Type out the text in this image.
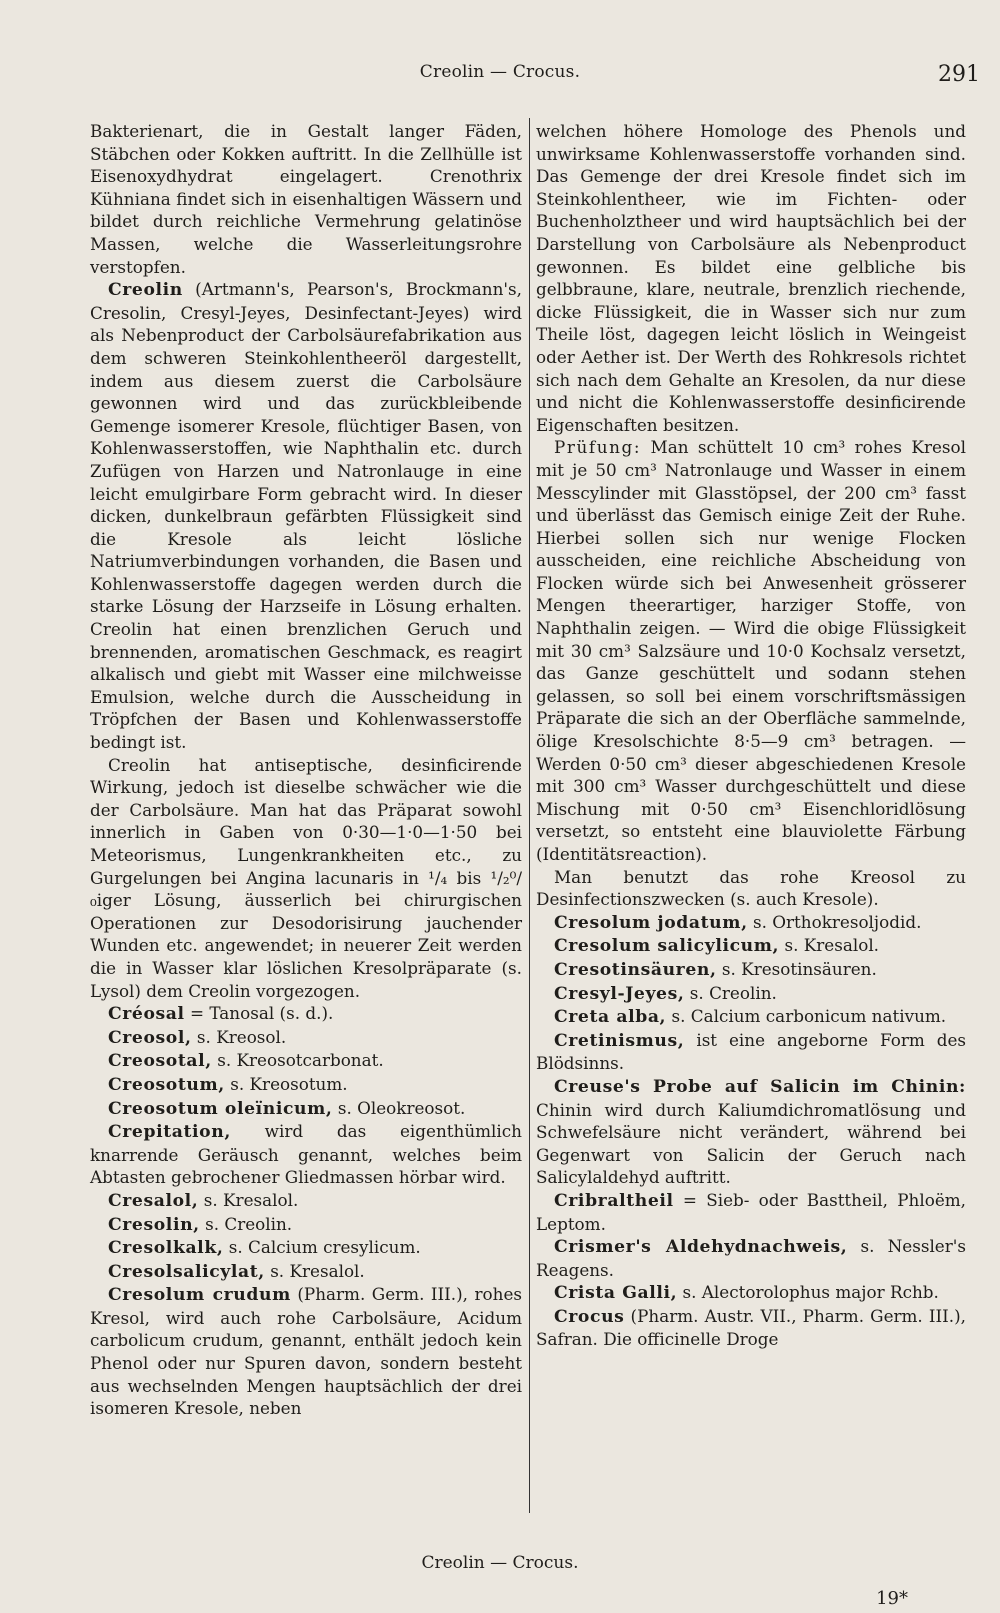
Creolin — Crocus.	291

Bakterienart, die in Gestalt langer Fäden, Stäbchen oder Kokken auftritt. In die Zellhülle ist Eisenoxydhydrat eingelagert. Crenothrix Kühniana findet sich in eisenhaltigen Wässern und bildet durch reichliche Vermehrung gelatinöse Massen, welche die Wasserleitungsrohre verstopfen.

Creolin (Artmann's, Pearson's, Brockmann's, Cresolin, Cresyl-Jeyes, Desinfectant-Jeyes) wird als Nebenproduct der Carbolsäurefabrikation aus dem schweren Steinkohlentheeröl dargestellt, indem aus diesem zuerst die Carbolsäure gewonnen wird und das zurückbleibende Gemenge isomerer Kresole, flüchtiger Basen, von Kohlenwasserstoffen, wie Naphthalin etc. durch Zufügen von Harzen und Natronlauge in eine leicht emulgirbare Form gebracht wird. In dieser dicken, dunkelbraun gefärbten Flüssigkeit sind die Kresole als leicht lösliche Natriumverbindungen vorhanden, die Basen und Kohlenwasserstoffe dagegen werden durch die starke Lösung der Harzseife in Lösung erhalten. Creolin hat einen brenzlichen Geruch und brennenden, aromatischen Geschmack, es reagirt alkalisch und giebt mit Wasser eine milchweisse Emulsion, welche durch die Ausscheidung in Tröpfchen der Basen und Kohlenwasserstoffe bedingt ist.

Creolin hat antiseptische, desinficirende Wirkung, jedoch ist dieselbe schwächer wie die der Carbolsäure. Man hat das Präparat sowohl innerlich in Gaben von 0·30—1·0—1·50 bei Meteorismus, Lungenkrankheiten etc., zu Gurgelungen bei Angina lacunaris in ¹/₄ bis ¹/₂⁰/₀iger Lösung, äusserlich bei chirurgischen Operationen zur Desodorisirung jauchender Wunden etc. angewendet; in neuerer Zeit werden die in Wasser klar löslichen Kresolpräparate (s. Lysol) dem Creolin vorgezogen.

Créosal = Tanosal (s. d.).

Creosol, s. Kreosol.

Creosotal, s. Kreosotcarbonat.

Creosotum, s. Kreosotum.

Creosotum oleïnicum, s. Oleokreosot.

Crepitation, wird das eigenthümlich knarrende Geräusch genannt, welches beim Abtasten gebrochener Gliedmassen hörbar wird.

Cresalol, s. Kresalol.

Cresolin, s. Creolin.

Cresolkalk, s. Calcium cresylicum.

Cresolsalicylat, s. Kresalol.

Cresolum crudum (Pharm. Germ. III.), rohes Kresol, wird auch rohe Carbolsäure, Acidum carbolicum crudum, genannt, enthält jedoch kein Phenol oder nur Spuren davon, sondern besteht aus wechselnden Mengen hauptsächlich der drei isomeren Kresole, neben

welchen höhere Homologe des Phenols und unwirksame Kohlenwasserstoffe vorhanden sind. Das Gemenge der drei Kresole findet sich im Steinkohlentheer, wie im Fichten- oder Buchenholztheer und wird hauptsächlich bei der Darstellung von Carbolsäure als Nebenproduct gewonnen. Es bildet eine gelbliche bis gelbbraune, klare, neutrale, brenzlich riechende, dicke Flüssigkeit, die in Wasser sich nur zum Theile löst, dagegen leicht löslich in Weingeist oder Aether ist. Der Werth des Rohkresols richtet sich nach dem Gehalte an Kresolen, da nur diese und nicht die Kohlenwasserstoffe desinficirende Eigenschaften besitzen.

Prüfung: Man schüttelt 10 cm³ rohes Kresol mit je 50 cm³ Natronlauge und Wasser in einem Messcylinder mit Glasstöpsel, der 200 cm³ fasst und überlässt das Gemisch einige Zeit der Ruhe. Hierbei sollen sich nur wenige Flocken ausscheiden, eine reichliche Abscheidung von Flocken würde sich bei Anwesenheit grösserer Mengen theerartiger, harziger Stoffe, von Naphthalin zeigen. — Wird die obige Flüssigkeit mit 30 cm³ Salzsäure und 10·0 Kochsalz versetzt, das Ganze geschüttelt und sodann stehen gelassen, so soll bei einem vorschriftsmässigen Präparate die sich an der Oberfläche sammelnde, ölige Kresolschichte 8·5—9 cm³ betragen. — Werden 0·50 cm³ dieser abgeschiedenen Kresole mit 300 cm³ Wasser durchgeschüttelt und diese Mischung mit 0·50 cm³ Eisenchloridlösung versetzt, so entsteht eine blauviolette Färbung (Identitätsreaction).

Man benutzt das rohe Kreosol zu Desinfectionszwecken (s. auch Kresole).

Cresolum jodatum, s. Orthokresoljodid.

Cresolum salicylicum, s. Kresalol.

Cresotinsäuren, s. Kresotinsäuren.

Cresyl-Jeyes, s. Creolin.

Creta alba, s. Calcium carbonicum nativum.

Cretinismus, ist eine angeborne Form des Blödsinns.

Creuse's Probe auf Salicin im Chinin: Chinin wird durch Kaliumdichromatlösung und Schwefelsäure nicht verändert, während bei Gegenwart von Salicin der Geruch nach Salicylaldehyd auftritt.

Cribraltheil = Sieb- oder Basttheil, Phloëm, Leptom.

Crismer's Aldehydnachweis, s. Nessler's Reagens.

Crista Galli, s. Alectorolophus major Rchb.

Crocus (Pharm. Austr. VII., Pharm. Germ. III.), Safran. Die officinelle Droge

Creolin — Crocus.
19*
